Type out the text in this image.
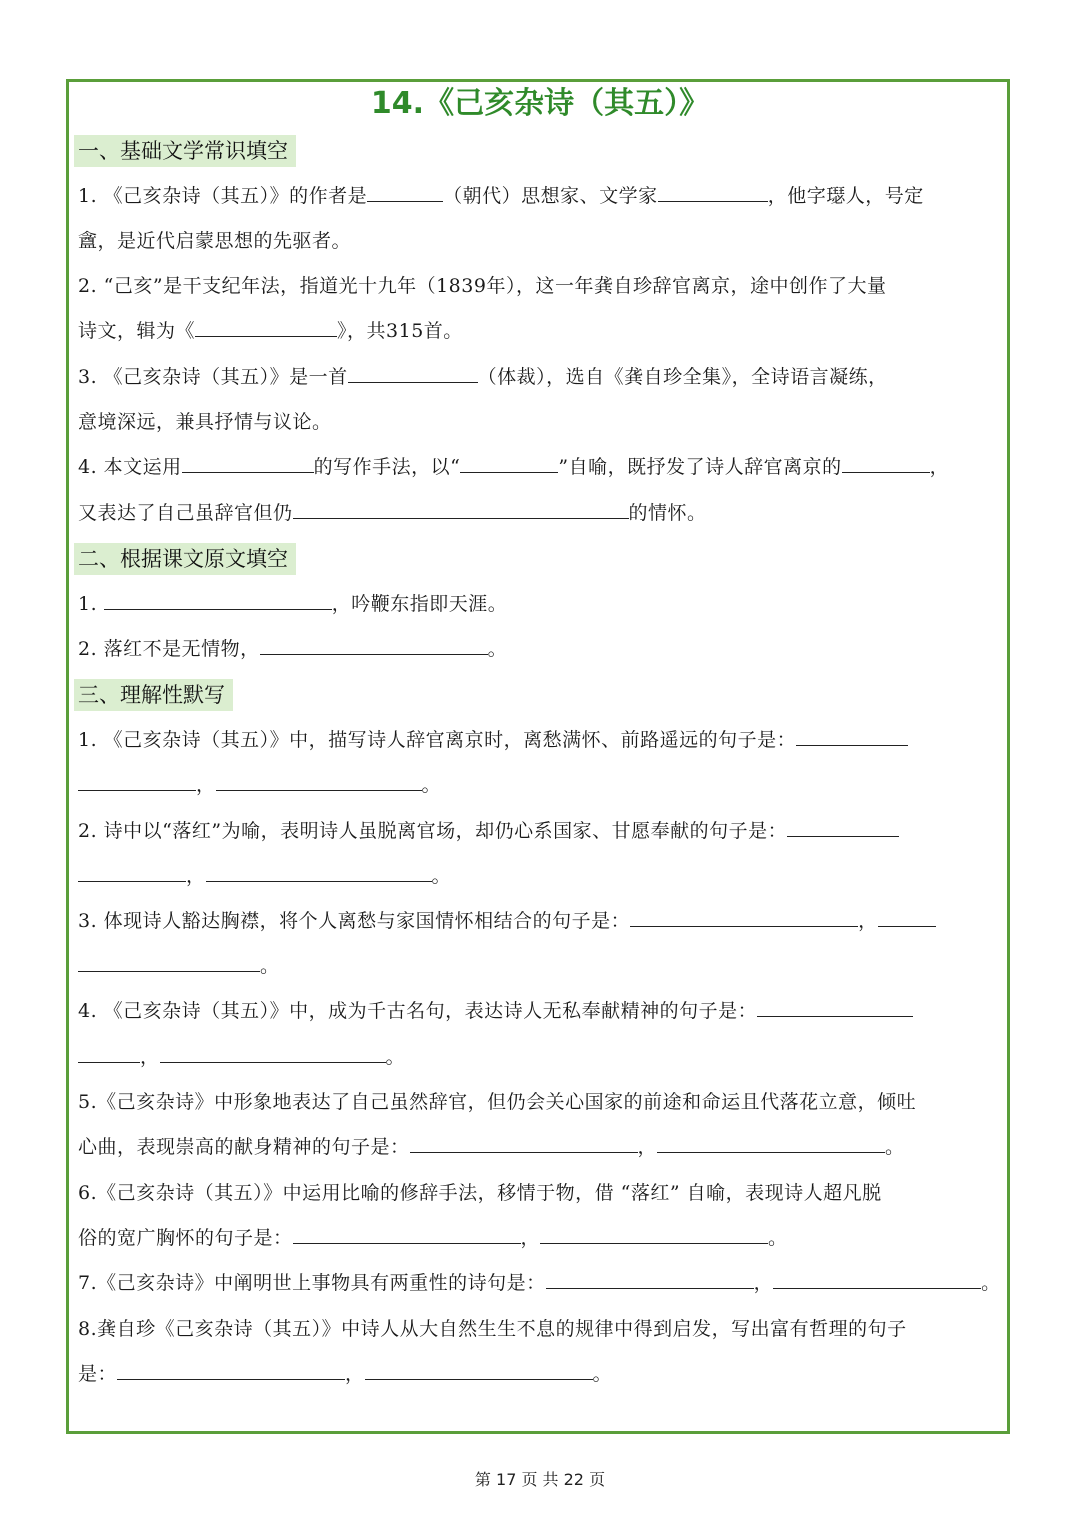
14.《己亥杂诗（其五）》
一、基础文学常识填空
1. 《己亥杂诗（其五）》的作者是	（朝代）思想家、文学家	，他字璱人，号定
盦，是近代启蒙思想的先驱者。
2. “己亥”是干支纪年法，指道光十九年（1839年），这一年龚自珍辞官离京，途中创作了大量
诗文，辑为《	》，共315首。
3. 《己亥杂诗（其五）》是一首	（体裁），选自《龚自珍全集》，全诗语言凝练，
意境深远，兼具抒情与议论。
4. 本文运用	的写作手法，以“	”自喻，既抒发了诗人辞官离京的	，
又表达了自己虽辞官但仍	的情怀。
二、根据课文原文填空
1.	，吟鞭东指即天涯。
2. 落红不是无情物，	。
三、理解性默写
1. 《己亥杂诗（其五）》中，描写诗人辞官离京时，离愁满怀、前路遥远的句子是：
，	。
2. 诗中以“落红”为喻，表明诗人虽脱离官场，却仍心系国家、甘愿奉献的句子是：
，	。
3. 体现诗人豁达胸襟，将个人离愁与家国情怀相结合的句子是：	，
。
4. 《己亥杂诗（其五）》中，成为千古名句，表达诗人无私奉献精神的句子是：
，	。
5.《己亥杂诗》中形象地表达了自己虽然辞官，但仍会关心国家的前途和命运且代落花立意，倾吐
心曲，表现崇高的献身精神的句子是：	，	。
6.《己亥杂诗（其五）》中运用比喻的修辞手法，移情于物，借 “落红” 自喻，表现诗人超凡脱
俗的宽广胸怀的句子是：	，	。
7.《己亥杂诗》中阐明世上事物具有两重性的诗句是：	，	。
8.龚自珍《己亥杂诗（其五）》中诗人从大自然生生不息的规律中得到启发，写出富有哲理的句子
是：	，	。
第 17 页 共 22 页
